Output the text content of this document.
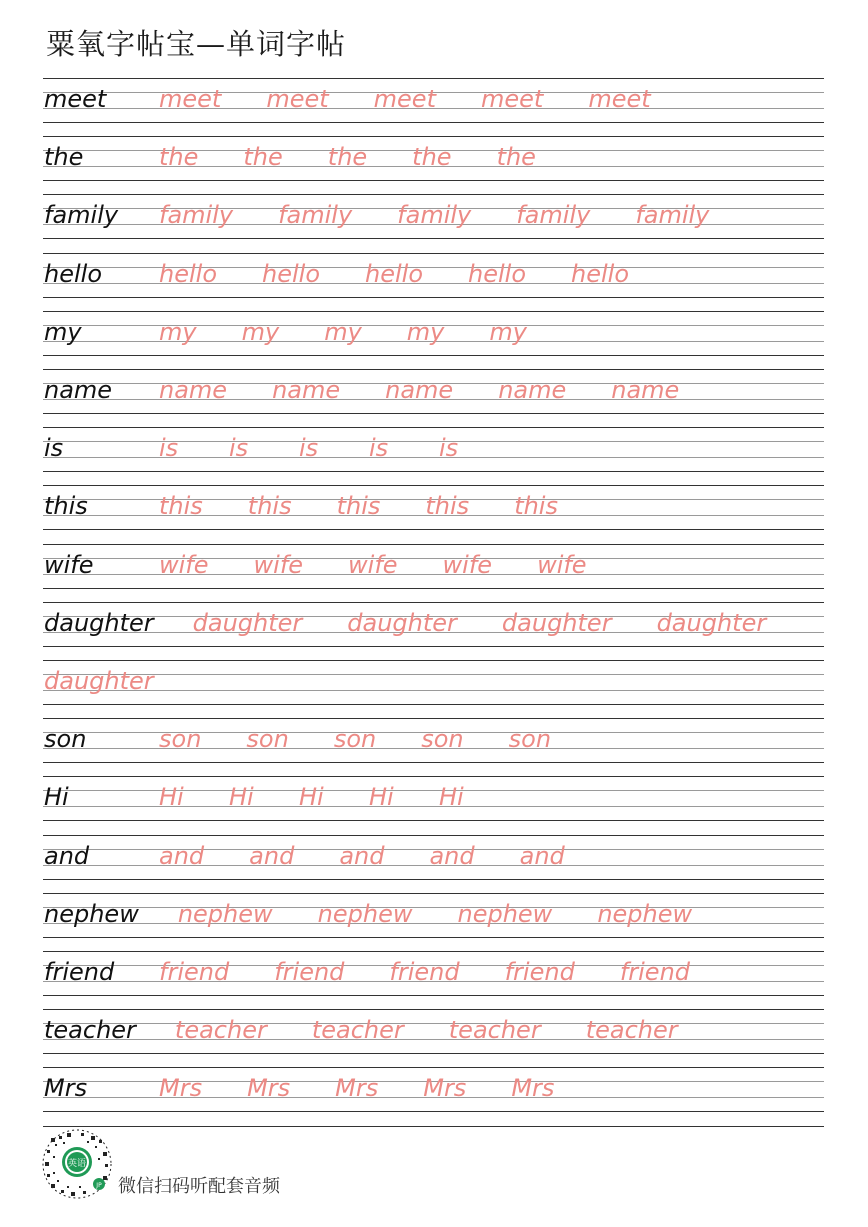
粟氧字帖宝—单词字帖
meet meet meet meet meet meet
the	the the the the the
family family family family family family
hello hello hello hello hello hello
my	my my my my my
name name name name name name
is	is is is is is
this	this this this this this
wife	wife wife wife wife wife
daughter daughter daughter daughter daughter
daughter
son	son son son son son
Hi	Hi Hi Hi Hi Hi
and	and and and and and
nephew nephew nephew nephew nephew
friend friend friend friend friend friend
teacher teacher teacher teacher teacher
Mrs	Mrs Mrs Mrs Mrs Mrs
英语
JP 微信扫码听配套音频
